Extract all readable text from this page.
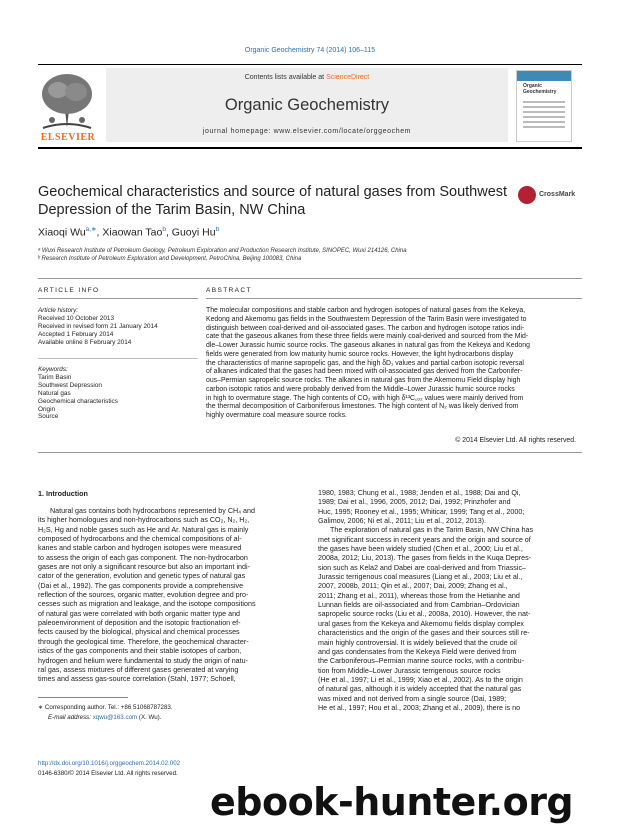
Organic Geochemistry 74 (2014) 106–115
ELSEVIER
Contents lists available at ScienceDirect
Organic Geochemistry
journal homepage: www.elsevier.com/locate/orggeochem
Organic Geochemistry
Geochemical characteristics and source of natural gases from Southwest Depression of the Tarim Basin, NW China
CrossMark
Xiaoqi $Wu^{a,∗}$, Xiaowan Tao$^b$, Guoyi Hu$^b$
ᵃ Wuxi Research Institute of Petroleum Geology, Petroleum Exploration and Production Research Institute, SINOPEC, Wuxi 214126, China
ᵇ Research Institute of Petroleum Exploration and Development, PetroChina, Beijing 100083, China
ARTICLE INFO	ABSTRACT
Article history:
Received 10 October 2013
Received in revised form 21 January 2014
Accepted 1 February 2014
Available online 8 February 2014
Keywords:
Tarim Basin
Southwest Depression
Natural gas
Geochemical characteristics
Origin
Source
The molecular compositions and stable carbon and hydrogen isotopes of natural gases from the Kekeya,
Kedong and Akemomu gas fields in the Southwestern Depression of the Tarim Basin were investigated to
distinguish between coal-derived and oil-associated gases. The carbon and hydrogen isotope ratios indi-
cate that the gaseous alkanes from these three fields were mainly coal-derived and sourced from the Mid-
dle–Lower Jurassic humic source rocks. The gaseous alkanes in natural gas from the Kekeya and Kedong
fields were generated from low maturity humic source rocks. However, the light hydrocarbons display
the characteristics of marine sapropelic gas, and the high δD₁ values and partial carbon isotopic reversal
of alkanes indicated that the gases had been mixed with oil-associated gas derived from the Carbonifer-
ous–Permian sapropelic source rocks. The alkanes in natural gas from the Akemomu Field display high
carbon isotopic ratios and were probably derived from the Middle–Lower Jurassic humic source rocks
in high to overmature stage. The high contents of CO₂ with high δ¹³C꜀ₒ₂ values were mainly derived from
the thermal decomposition of Carboniferous limestones. The high content of N₂ was likely derived from
highly overmature coal measure source rocks.
© 2014 Elsevier Ltd. All rights reserved.
1. Introduction
Natural gas contains both hydrocarbons represented by CH₄ and
its higher homologues and non-hydrocarbons such as CO₂, N₂, H₂,
H₂S, Hg and noble gases such as He and Ar. Natural gas is mainly
composed of hydrocarbons and the chemical compositions of al-
kanes and stable carbon and hydrogen isotopes were measured
to assess the origin of each gas component. The non-hydrocarbon
gases are not only a significant resource but also an important indi-
cator of the generation, evolution and genetic types of natural gas
(Dai et al., 1992). The gas components provide a comprehensive
reflection of the sources, organic matter, evolution degree and pro-
cesses such as migration and leakage, and the isotope compositions
of natural gas were correlated with both organic matter type and
paleoenvironment of deposition and the isotopic fractionation ef-
fects caused by the biological, physical and chemical processes
through the geological time. Therefore, the geochemical character-
istics of the gas components and their stable isotopes of carbon,
hydrogen and helium were fundamental to study the origin of natu-
ral gas, assess mixtures of different gases generated at varying
times and assess gas-source correlation (Stahl, 1977; Schoell,
1980, 1983; Chung et al., 1988; Jenden et al., 1988; Dai and Qi,
1989; Dai et al., 1996, 2005, 2012; Dai, 1992; Prinzhofer and
Huc, 1995; Rooney et al., 1995; Whiticar, 1999; Tang et al., 2000;
Galimov, 2006; Ni et al., 2011; Liu et al., 2012, 2013).
The exploration of natural gas in the Tarim Basin, NW China has
met significant success in recent years and the origin and source of
the gases have been widely studied (Chen et al., 2000; Liu et al.,
2008a, 2012; Liu, 2013). The gases from fields in the Kuqa Depres-
sion such as Kela2 and Dabei are coal-derived and from Triassic–
Jurassic terrigenous coal measures (Liang et al., 2003; Liu et al.,
2007, 2008b, 2011; Qin et al., 2007; Dai, 2009; Zhang et al.,
2011; Zhang et al., 2011), whereas those from the Hetianhe and
Lunnan fields are oil-associated and from Cambrian–Ordovician
sapropelic source rocks (Liu et al., 2008a, 2010). However, the nat-
ural gases from the Kekeya and Akemomu fields display complex
characteristics and the origin of the gases and their sources still re-
main highly controversial. It is widely believed that the crude oil
and gas condensates from the Kekeya Field were derived from
the Carboniferous–Permian marine source rocks, with a contribu-
tion from Middle–Lower Jurassic terrigenous source rocks
(He et al., 1997; Li et al., 1999; Xiao et al., 2002). As to the origin
of natural gas, although it is widely accepted that the natural gas
was mixed and not derived from a single source (Dai, 1989;
He et al., 1997; Hou et al., 2003; Zhang et al., 2009), there is no
∗ Corresponding author. Tel.: +86 51068787283.
E-mail address: xqwu@163.com (X. Wu).
http://dx.doi.org/10.1016/j.orggeochem.2014.02.002
0146-6380/© 2014 Elsevier Ltd. All rights reserved.
ebook-hunter.org
